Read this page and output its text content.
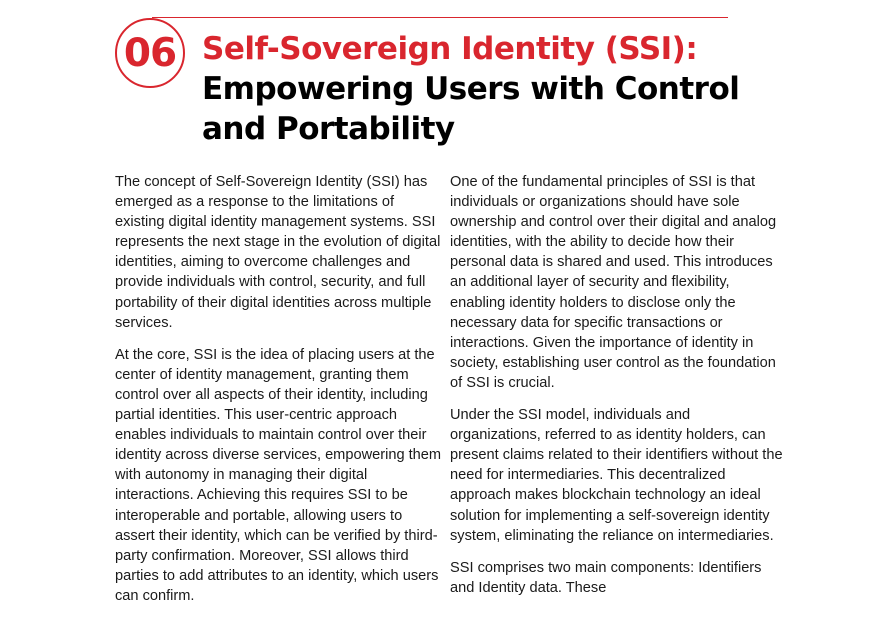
06 Self-Sovereign Identity (SSI):
Empowering Users with Control and Portability

The concept of Self-Sovereign Identity (SSI) has emerged as a response to the limitations of existing digital identity management systems. SSI represents the next stage in the evolution of digital identities, aiming to overcome challenges and provide individuals with control, security, and full portability of their digital identities across multiple services.

At the core, SSI is the idea of placing users at the center of identity management, granting them control over all aspects of their identity, including partial identities. This user-centric approach enables individuals to maintain control over their identity across diverse services, empowering them with autonomy in managing their digital interactions. Achieving this requires SSI to be interoperable and portable, allowing users to assert their identity, which can be verified by third-party confirmation. Moreover, SSI allows third parties to add attributes to an identity, which users can confirm.

One of the fundamental principles of SSI is that individuals or organizations should have sole ownership and control over their digital and analog identities, with the ability to decide how their personal data is shared and used. This introduces an additional layer of security and flexibility, enabling identity holders to disclose only the necessary data for specific transactions or interactions. Given the importance of identity in society, establishing user control as the foundation of SSI is crucial.

Under the SSI model, individuals and organizations, referred to as identity holders, can present claims related to their identifiers without the need for intermediaries. This decentralized approach makes blockchain technology an ideal solution for implementing a self-sovereign identity system, eliminating the reliance on intermediaries.

SSI comprises two main components: Identifiers and Identity data. These
